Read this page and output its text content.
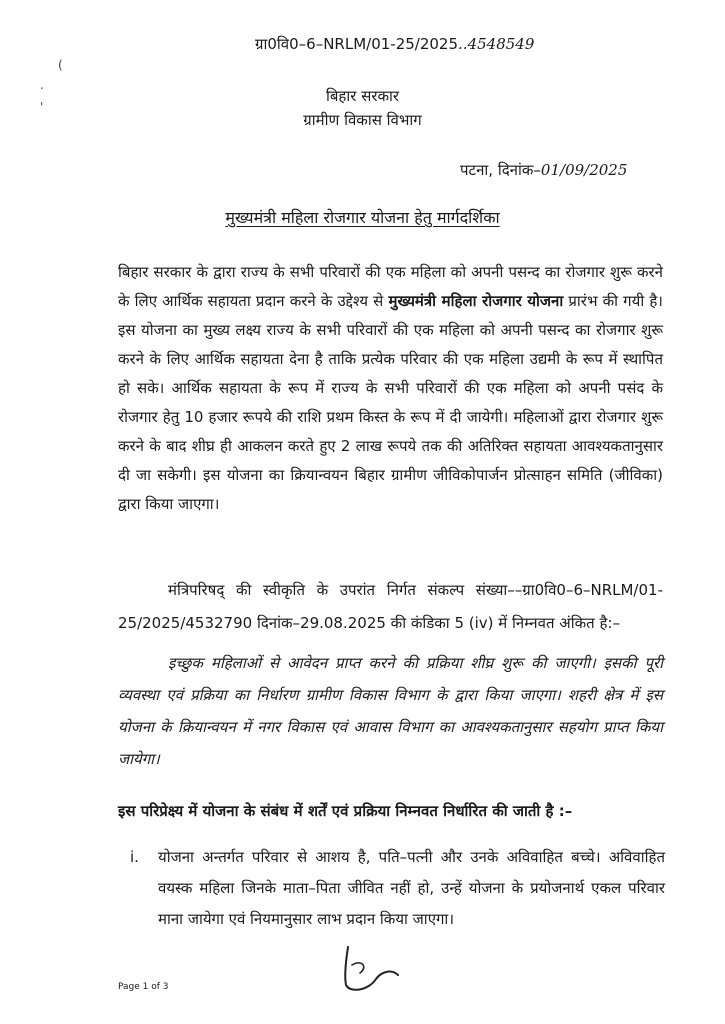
ग्रा0वि0–6–NRLM/01-25/2025..4548549
(
.
'
बिहार सरकार
ग्रामीण विकास विभाग
पटना, दिनांक–01/09/2025
मुख्यमंत्री महिला रोजगार योजना हेतु मार्गदर्शिका
बिहार सरकार के द्वारा राज्य के सभी परिवारों की एक महिला को अपनी पसन्द का रोजगार शुरू करने के लिए आर्थिक सहायता प्रदान करने के उद्देश्य से मुख्यमंत्री महिला रोजगार योजना प्रारंभ की गयी है। इस योजना का मुख्य लक्ष्य राज्य के सभी परिवारों की एक महिला को अपनी पसन्द का रोजगार शुरू करने के लिए आर्थिक सहायता देना है ताकि प्रत्येक परिवार की एक महिला उद्यमी के रूप में स्थापित हो सके। आर्थिक सहायता के रूप में राज्य के सभी परिवारों की एक महिला को अपनी पसंद के रोजगार हेतु 10 हजार रूपये की राशि प्रथम किस्त के रूप में दी जायेगी। महिलाओं द्वारा रोजगार शुरू करने के बाद शीघ्र ही आकलन करते हुए 2 लाख रूपये तक की अतिरिक्त सहायता आवश्यकतानुसार दी जा सकेगी। इस योजना का क्रियान्वयन बिहार ग्रामीण जीविकोपार्जन प्रोत्साहन समिति (जीविका) द्वारा किया जाएगा।
मंत्रिपरिषद् की स्वीकृति के उपरांत निर्गत संकल्प संख्या––ग्रा0वि0–6–NRLM/01-25/2025/4532790 दिनांक–29.08.2025 की कंडिका 5 (iv) में निम्नवत अंकित है:–
इच्छुक महिलाओं से आवेदन प्राप्त करने की प्रक्रिया शीघ्र शुरू की जाएगी। इसकी पूरी व्यवस्था एवं प्रक्रिया का निर्धारण ग्रामीण विकास विभाग के द्वारा किया जाएगा। शहरी क्षेत्र में इस योजना के क्रियान्वयन में नगर विकास एवं आवास विभाग का आवश्यकतानुसार सहयोग प्राप्त किया जायेगा।
इस परिप्रेक्ष्य में योजना के संबंध में शर्तें एवं प्रक्रिया निम्नवत निर्धारित की जाती है :–
i. योजना अन्तर्गत परिवार से आशय है, पति–पत्नी और उनके अविवाहित बच्चे। अविवाहित वयस्क महिला जिनके माता–पिता जीवित नहीं हो, उन्हें योजना के प्रयोजनार्थ एकल परिवार माना जायेगा एवं नियमानुसार लाभ प्रदान किया जाएगा।
Page 1 of 3
